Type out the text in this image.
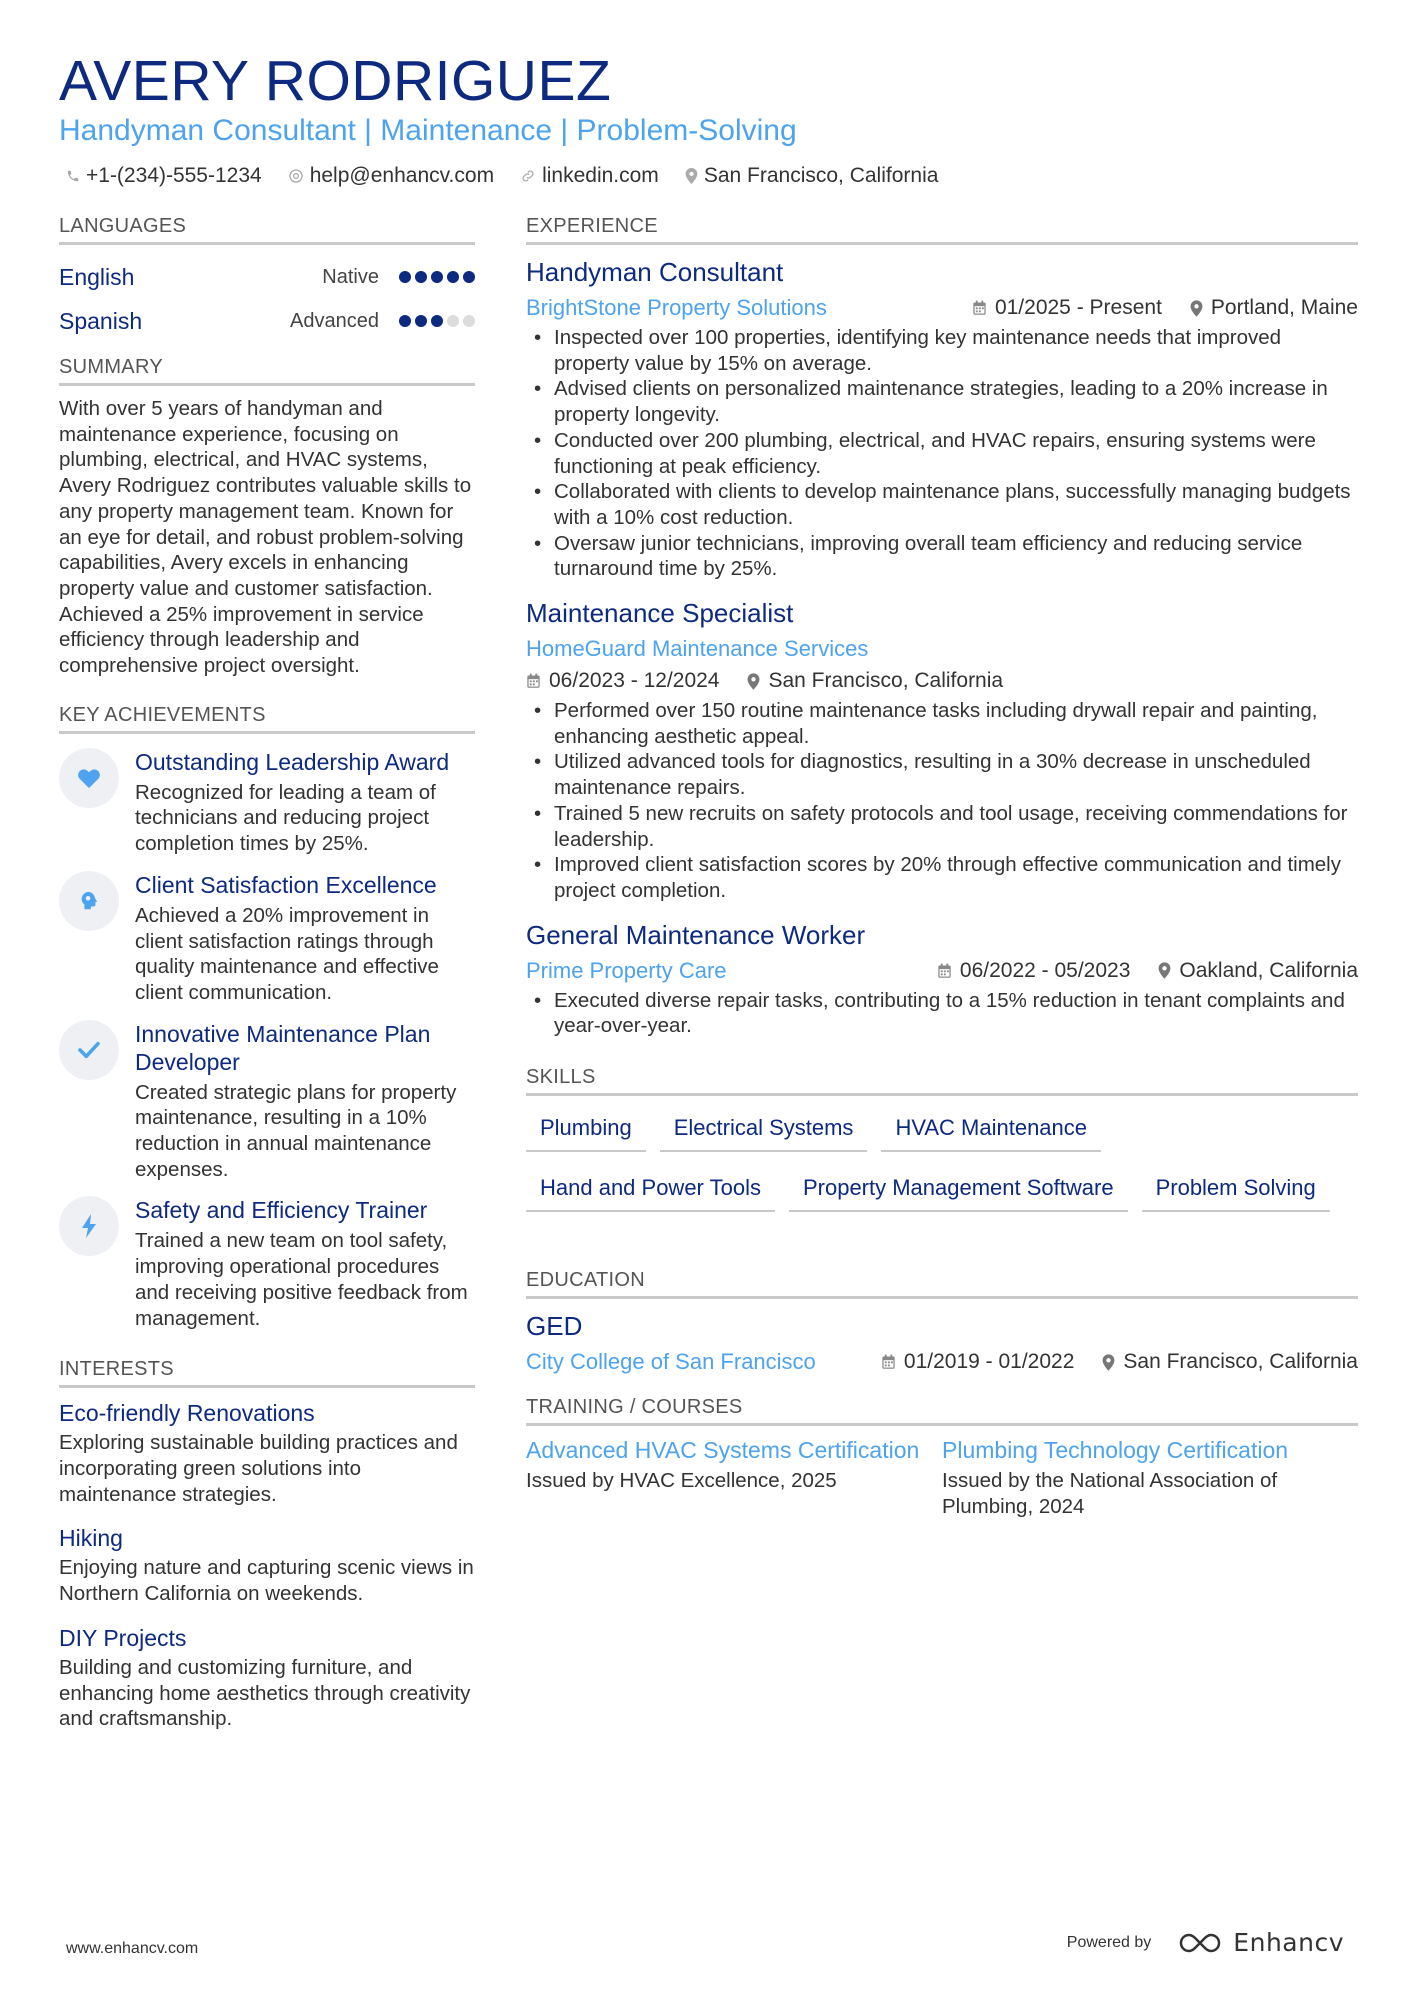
AVERY RODRIGUEZ
Handyman Consultant | Maintenance | Problem-Solving
+1-(234)-555-1234 help@enhancv.com linkedin.com San Francisco, California
LANGUAGES
English	Native
Spanish	Advanced
SUMMARY
With over 5 years of handyman and maintenance experience, focusing on plumbing, electrical, and HVAC systems, Avery Rodriguez contributes valuable skills to any property management team. Known for an eye for detail, and robust problem-solving capabilities, Avery excels in enhancing property value and customer satisfaction. Achieved a 25% improvement in service efficiency through leadership and comprehensive project oversight.
KEY ACHIEVEMENTS
Outstanding Leadership Award
Recognized for leading a team of technicians and reducing project completion times by 25%.
Client Satisfaction Excellence
Achieved a 20% improvement in client satisfaction ratings through quality maintenance and effective client communication.
Innovative Maintenance Plan Developer
Created strategic plans for property maintenance, resulting in a 10% reduction in annual maintenance expenses.
Safety and Efficiency Trainer
Trained a new team on tool safety, improving operational procedures and receiving positive feedback from management.
INTERESTS
Eco-friendly Renovations
Exploring sustainable building practices and incorporating green solutions into maintenance strategies.
Hiking
Enjoying nature and capturing scenic views in Northern California on weekends.
DIY Projects
Building and customizing furniture, and enhancing home aesthetics through creativity and craftsmanship.
EXPERIENCE
Handyman Consultant
BrightStone Property Solutions	01/2025 - Present Portland, Maine
• Inspected over 100 properties, identifying key maintenance needs that improved property value by 15% on average.
• Advised clients on personalized maintenance strategies, leading to a 20% increase in property longevity.
• Conducted over 200 plumbing, electrical, and HVAC repairs, ensuring systems were functioning at peak efficiency.
• Collaborated with clients to develop maintenance plans, successfully managing budgets with a 10% cost reduction.
• Oversaw junior technicians, improving overall team efficiency and reducing service turnaround time by 25%.
Maintenance Specialist
HomeGuard Maintenance Services
06/2023 - 12/2024 San Francisco, California
• Performed over 150 routine maintenance tasks including drywall repair and painting, enhancing aesthetic appeal.
• Utilized advanced tools for diagnostics, resulting in a 30% decrease in unscheduled maintenance repairs.
• Trained 5 new recruits on safety protocols and tool usage, receiving commendations for leadership.
• Improved client satisfaction scores by 20% through effective communication and timely project completion.
General Maintenance Worker
Prime Property Care	06/2022 - 05/2023 Oakland, California
• Executed diverse repair tasks, contributing to a 15% reduction in tenant complaints and year-over-year.
SKILLS
Plumbing	Electrical Systems	HVAC Maintenance
Hand and Power Tools	Property Management Software	Problem Solving
EDUCATION
GED
City College of San Francisco	01/2019 - 01/2022 San Francisco, California
TRAINING / COURSES
Advanced HVAC Systems Certification
Issued by HVAC Excellence, 2025
Plumbing Technology Certification
Issued by the National Association of Plumbing, 2024
www.enhancv.com	Powered by	Enhancv
